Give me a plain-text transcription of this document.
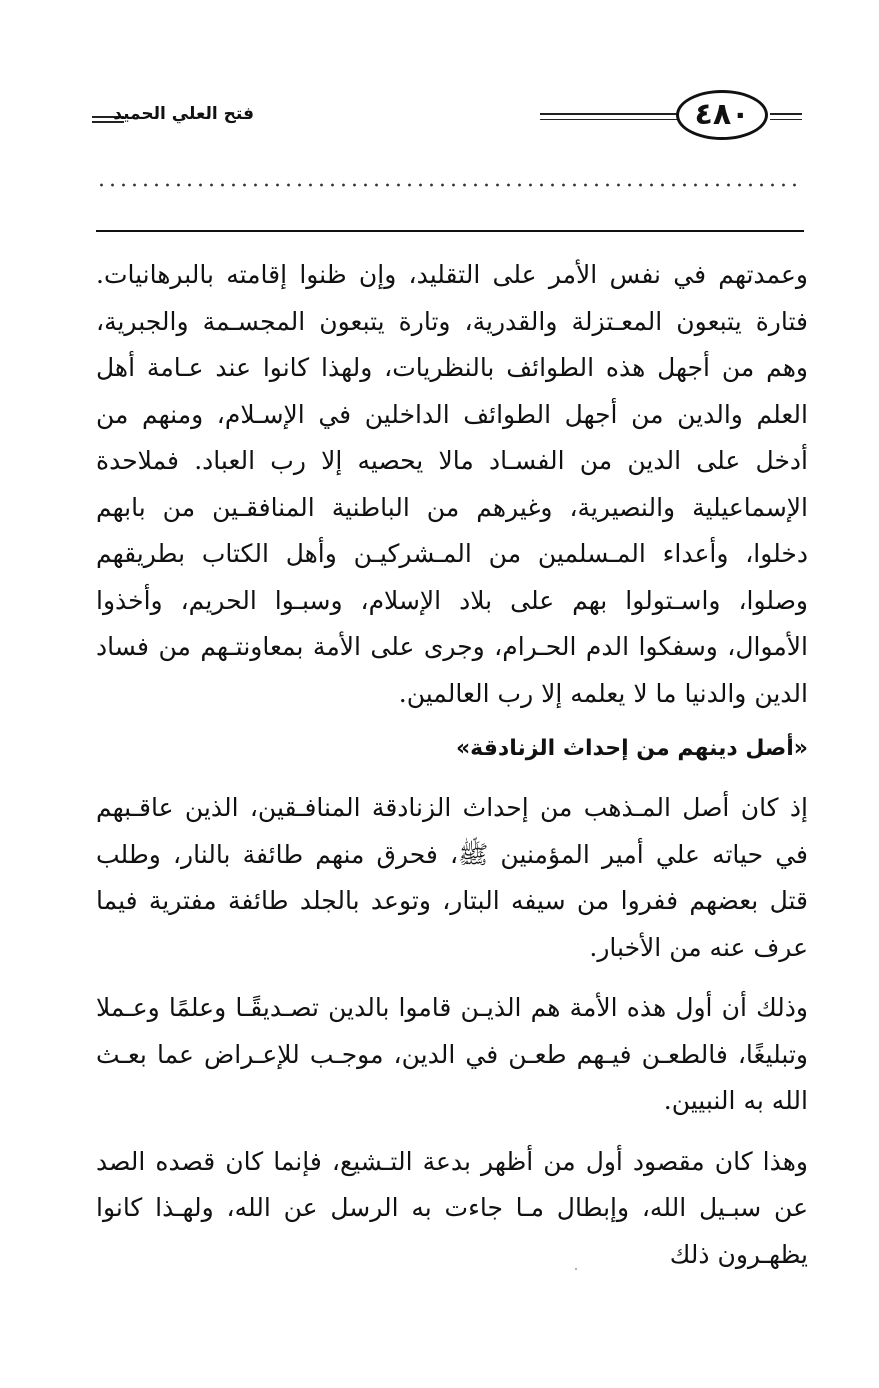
فتح العلي الحميد	٤٨٠

وعمدتهم في نفس الأمر على التقليد، وإن ظنوا إقامته بالبرهانيات. فتارة يتبعون المعـتزلة والقدرية، وتارة يتبعون المجسـمة والجبرية، وهم من أجهل هذه الطوائف بالنظريات، ولهذا كانوا عند عـامة أهل العلم والدين من أجهل الطوائف الداخلين في الإسـلام، ومنهم من أدخل على الدين من الفسـاد مالا يحصيه إلا رب العباد. فملاحدة الإسماعيلية والنصيرية، وغيرهم من الباطنية المنافقـين من بابهم دخلوا، وأعداء المـسلمين من المـشركيـن وأهل الكتاب بطريقهم وصلوا، واسـتولوا بهم على بلاد الإسلام، وسبـوا الحريم، وأخذوا الأموال، وسفكوا الدم الحـرام، وجرى على الأمة بمعاونتـهم من فساد الدين والدنيا ما لا يعلمه إلا رب العالمين.

«أصل دينهم من إحداث الزنادقة»

إذ كان أصل المـذهب من إحداث الزنادقة المنافـقين، الذين عاقـبهم في حياته علي أمير المؤمنين ﷺ، فحرق منهم طائفة بالنار، وطلب قتل بعضهم ففروا من سيفه البتار، وتوعد بالجلد طائفة مفترية فيما عرف عنه من الأخبار.

وذلك أن أول هذه الأمة هم الذيـن قاموا بالدين تصـديقًـا وعلمًا وعـملا وتبليغًا، فالطعـن فيـهم طعـن في الدين، موجـب للإعـراض عما بعـث الله به النبيين.

وهذا كان مقصود أول من أظهر بدعة التـشيع، فإنما كان قصده الصد عن سبـيل الله، وإبطال مـا جاءت به الرسل عن الله، ولهـذا كانوا يظهـرون ذلك
